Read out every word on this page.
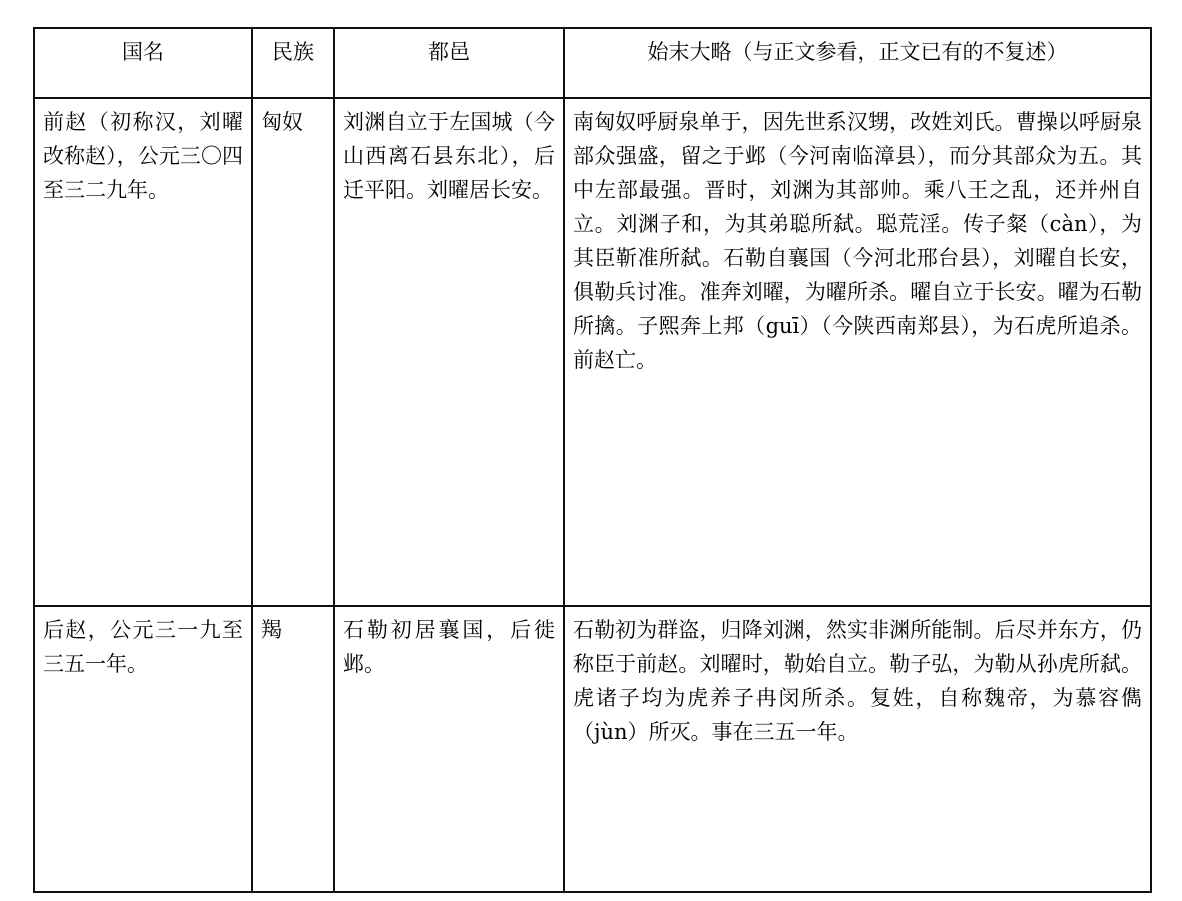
国名	民族	都邑	始末大略（与正文参看，正文已有的不复述）

前赵（初称汉，刘曜改称赵），公元三〇四至三二九年。	匈奴	刘渊自立于左国城（今山西离石县东北），后迁平阳。刘曜居长安。	南匈奴呼厨泉单于，因先世系汉甥，改姓刘氏。曹操以呼厨泉部众强盛，留之于邺（今河南临漳县），而分其部众为五。其中左部最强。晋时，刘渊为其部帅。乘八王之乱，还并州自立。刘渊子和，为其弟聪所弑。聪荒淫。传子粲（càn），为其臣靳准所弑。石勒自襄国（今河北邢台县），刘曜自长安，俱勒兵讨准。准奔刘曜，为曜所杀。曜自立于长安。曜为石勒所擒。子熙奔上邦（guī）（今陕西南郑县），为石虎所追杀。前赵亡。

后赵，公元三一九至三五一年。	羯	石勒初居襄国，后徙邺。	石勒初为群盗，归降刘渊，然实非渊所能制。后尽并东方，仍称臣于前赵。刘曜时，勒始自立。勒子弘，为勒从孙虎所弑。虎诸子均为虎养子冉闵所杀。复姓，自称魏帝，为慕容儁（jùn）所灭。事在三五一年。
